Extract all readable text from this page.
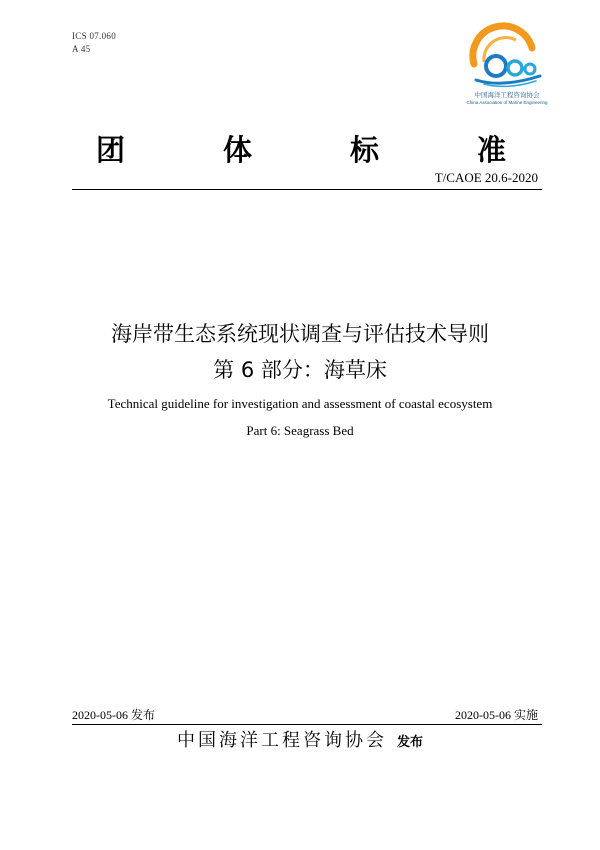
ICS 07.060
A 45
中国海洋工程咨询协会
China Association of Marine Engineering
团	体	标	准
T/CAOE 20.6-2020
海岸带生态系统现状调查与评估技术导则
第 6 部分：海草床
Technical guideline for investigation and assessment of coastal ecosystem
Part 6: Seagrass Bed
2020-05-06 发布	2020-05-06 实施
中国海洋工程咨询协会 发布
